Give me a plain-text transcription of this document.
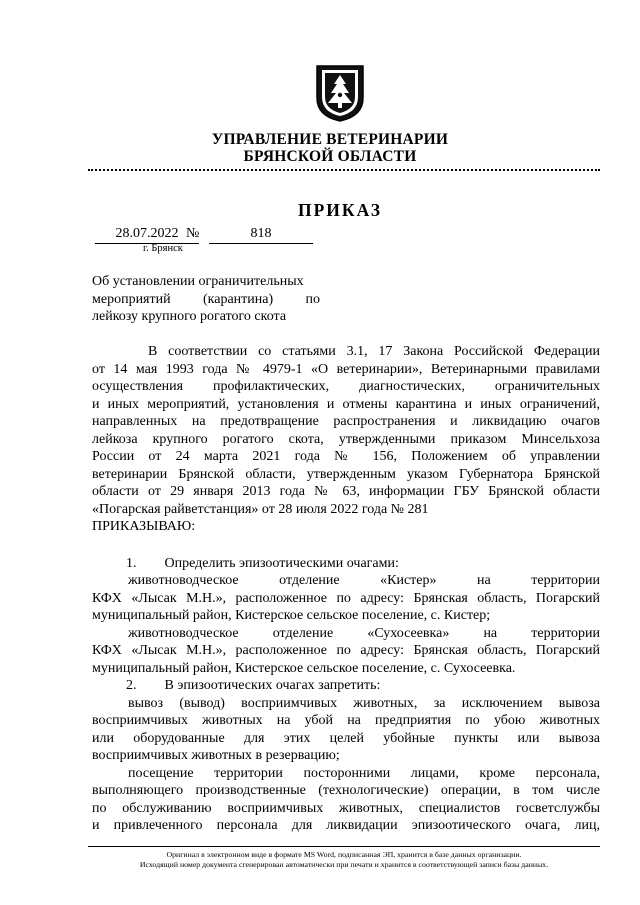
УПРАВЛЕНИЕ ВЕТЕРИНАРИИ
БРЯНСКОЙ ОБЛАСТИ
ПРИКАЗ
28.07.2022 №	818
г. Брянск
Об установлении ограничительных
мероприятий (карантина) по
лейкозу крупного рогатого скота
В соответствии со статьями 3.1, 17 Закона Российской Федерации
от 14 мая 1993 года № 4979-1 «О ветеринарии», Ветеринарными правилами
осуществления профилактических, диагностических, ограничительных
и иных мероприятий, установления и отмены карантина и иных ограничений,
направленных на предотвращение распространения и ликвидацию очагов
лейкоза крупного рогатого скота, утвержденными приказом Минсельхоза
России от 24 марта 2021 года № 156, Положением об управлении
ветеринарии Брянской области, утвержденным указом Губернатора Брянской
области от 29 января 2013 года № 63, информации ГБУ Брянской области
«Погарская райветстанция» от 28 июля 2022 года № 281
ПРИКАЗЫВАЮ:
1.        Определить эпизоотическими очагами:
животноводческое отделение «Кистер» на территории
КФХ «Лысак М.Н.», расположенное по адресу: Брянская область, Погарский
муниципальный район, Кистерское сельское поселение, с. Кистер;
животноводческое отделение «Сухосеевка» на территории
КФХ «Лысак М.Н.», расположенное по адресу: Брянская область, Погарский
муниципальный район, Кистерское сельское поселение, с. Сухосеевка.
2.        В эпизоотических очагах запретить:
вывоз (вывод) восприимчивых животных, за исключением вывоза
восприимчивых животных на убой на предприятия по убою животных
или оборудованные для этих целей убойные пункты или вывоза
восприимчивых животных в резервацию;
посещение территории посторонними лицами, кроме персонала,
выполняющего производственные (технологические) операции, в том числе
по обслуживанию восприимчивых животных, специалистов госветслужбы
и привлеченного персонала для ликвидации эпизоотического очага, лиц,
Оригинал в электронном виде в формате MS Word, подписанная ЭП, хранится в базе данных организации.
Исходящий номер документа сгенерирован автоматически при печати и хранится в соответствующей записи базы данных.
